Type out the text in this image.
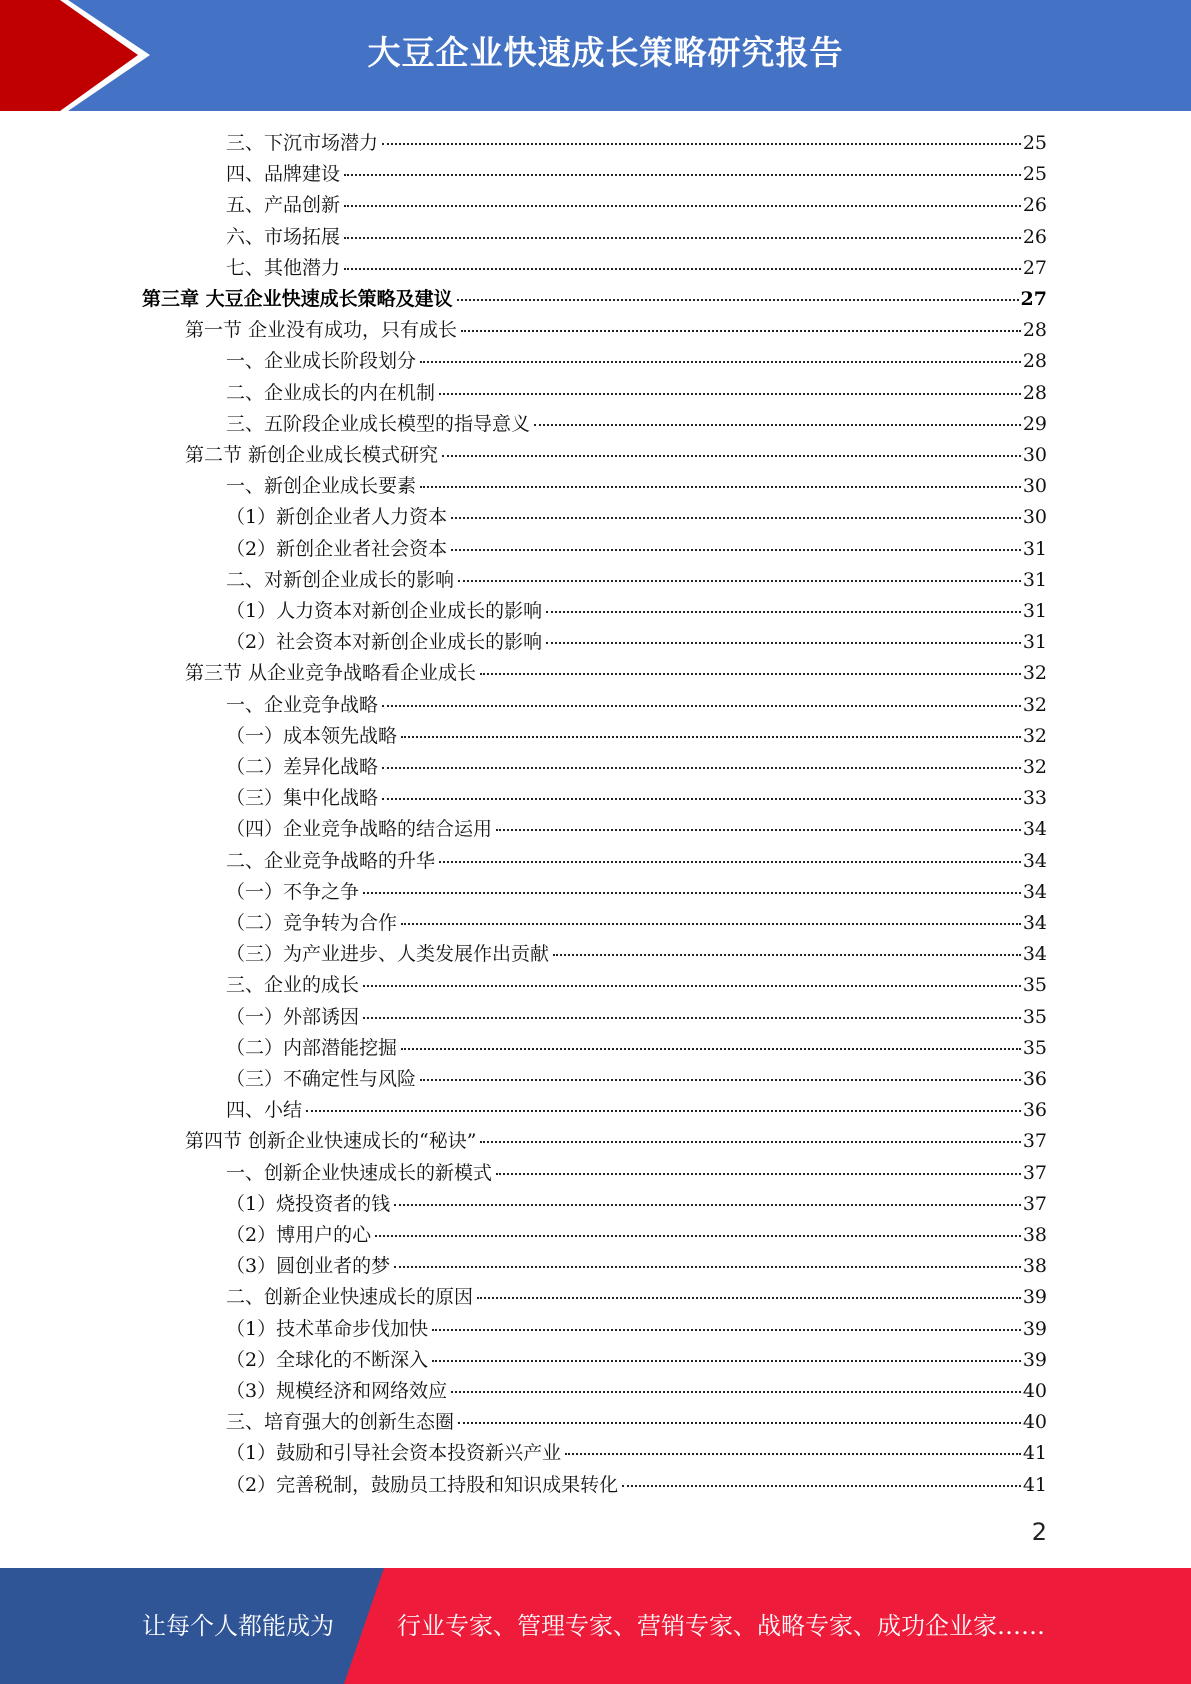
大豆企业快速成长策略研究报告
三、下沉市场潜力	25
四、品牌建设	25
五、产品创新	26
六、市场拓展	26
七、其他潜力	27
第三章 大豆企业快速成长策略及建议	27
第一节 企业没有成功，只有成长	28
一、企业成长阶段划分	28
二、企业成长的内在机制	28
三、五阶段企业成长模型的指导意义	29
第二节 新创企业成长模式研究	30
一、新创企业成长要素	30
（1）新创企业者人力资本	30
（2）新创企业者社会资本	31
二、对新创企业成长的影响	31
（1）人力资本对新创企业成长的影响	31
（2）社会资本对新创企业成长的影响	31
第三节 从企业竞争战略看企业成长	32
一、企业竞争战略	32
（一）成本领先战略	32
（二）差异化战略	32
（三）集中化战略	33
（四）企业竞争战略的结合运用	34
二、企业竞争战略的升华	34
（一）不争之争	34
（二）竞争转为合作	34
（三）为产业进步、人类发展作出贡献	34
三、企业的成长	35
（一）外部诱因	35
（二）内部潜能挖掘	35
（三）不确定性与风险	36
四、小结	36
第四节 创新企业快速成长的“秘诀”	37
一、创新企业快速成长的新模式	37
（1）烧投资者的钱	37
（2）博用户的心	38
（3）圆创业者的梦	38
二、创新企业快速成长的原因	39
（1）技术革命步伐加快	39
（2）全球化的不断深入	39
（3）规模经济和网络效应	40
三、培育强大的创新生态圈	40
（1）鼓励和引导社会资本投资新兴产业	41
（2）完善税制，鼓励员工持股和知识成果转化	41
2
让每个人都能成为	行业专家、管理专家、营销专家、战略专家、成功企业家……
